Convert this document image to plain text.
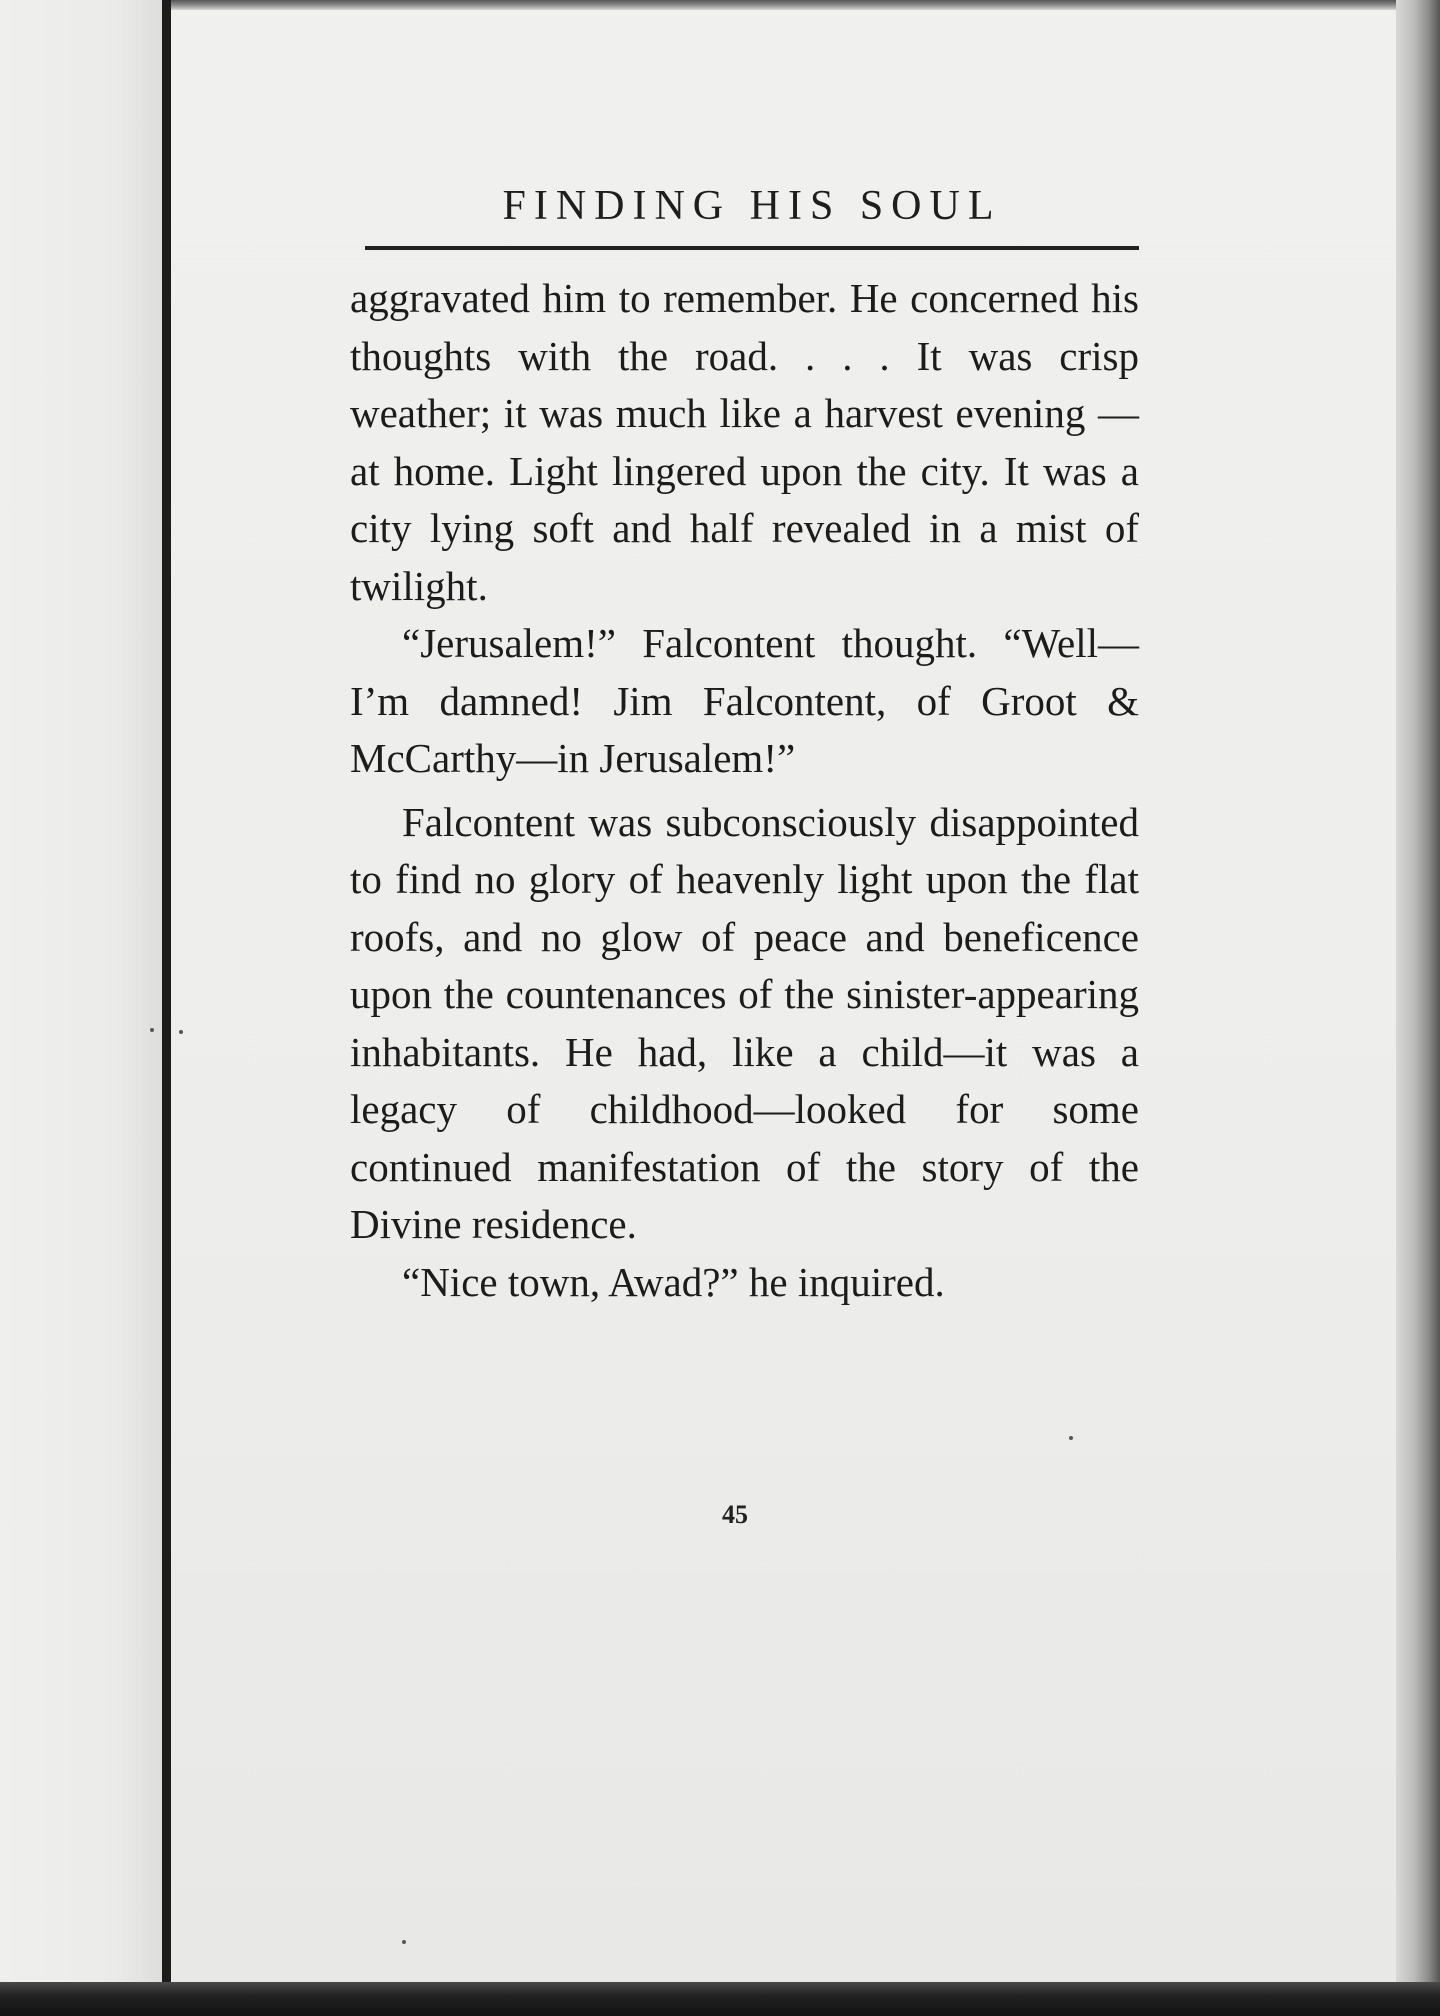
FINDING HIS SOUL

aggravated him to remember. He concerned his thoughts with the road. . . . It was crisp weather; it was much like a harvest evening — at home. Light lingered upon the city. It was a city lying soft and half revealed in a mist of twilight.

“Jerusalem!” Falcontent thought. “Well—I’m damned! Jim Falcontent, of Groot & McCarthy—in Jerusalem!”

Falcontent was subconsciously disappointed to find no glory of heavenly light upon the flat roofs, and no glow of peace and beneficence upon the countenances of the sinister-appearing inhabitants. He had, like a child—it was a legacy of childhood—looked for some continued manifestation of the story of the Divine residence.

“Nice town, Awad?” he inquired.

45
